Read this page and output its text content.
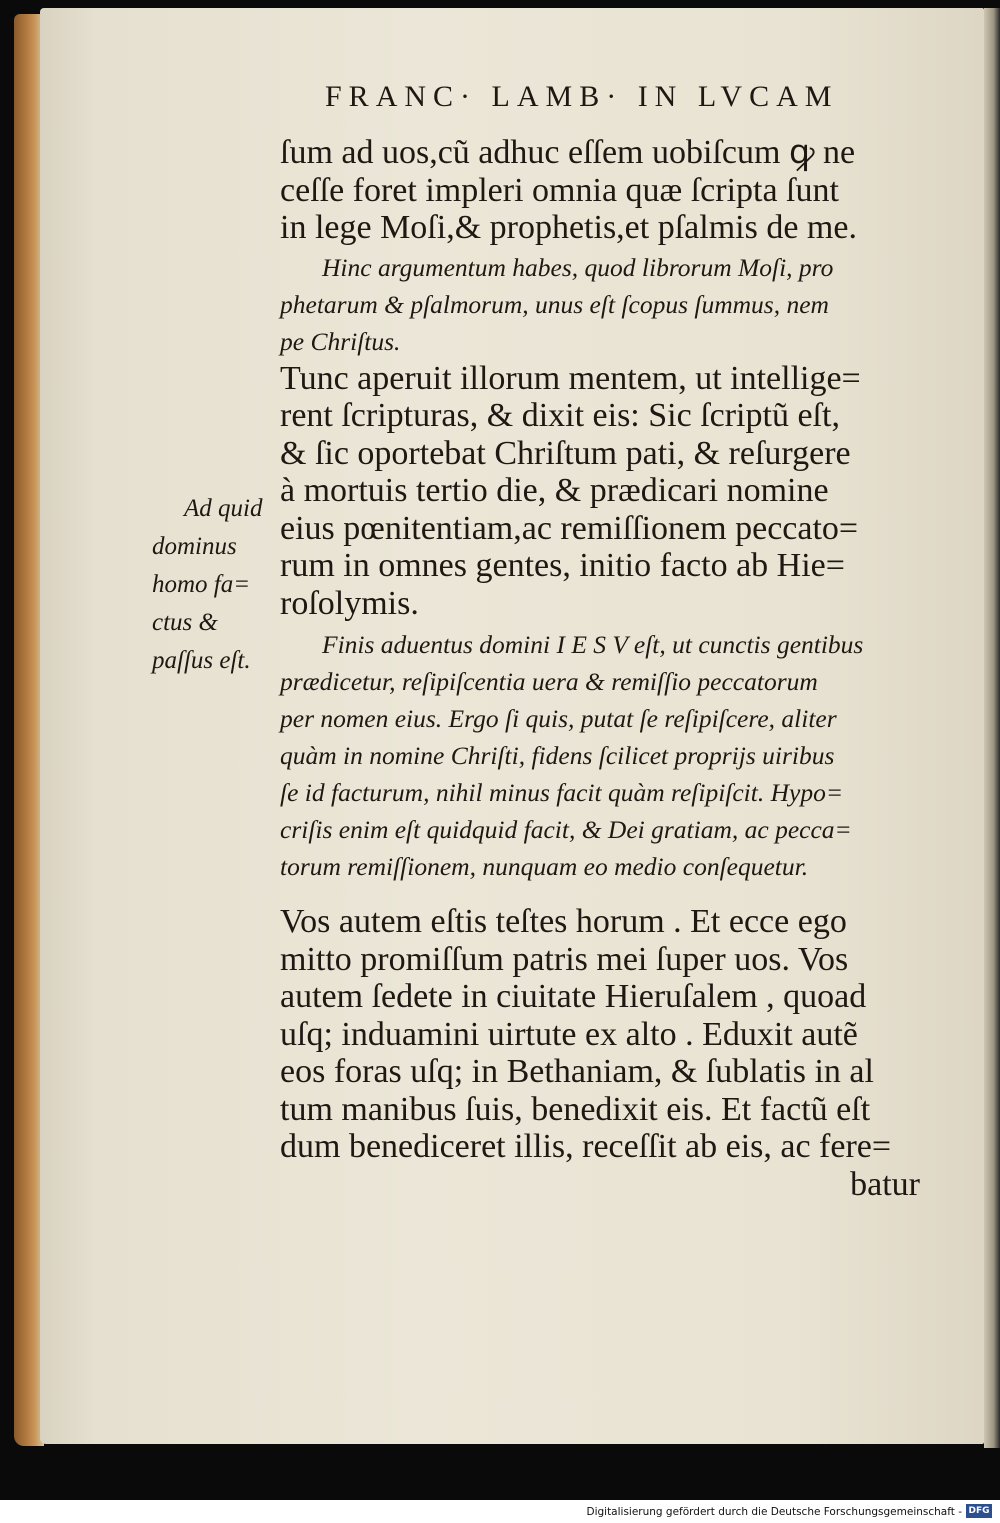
FRANC· LAMB· IN LVCAM

ſum ad uos,cũ adhuc eſſem uobiſcum ꝙ ne
ceſſe foret impleri omnia quæ ſcripta ſunt
in lege Moſi,& prophetis,et pſalmis de me.

Hinc argumentum habes, quod librorum Moſi, pro
phetarum & pſalmorum, unus eſt ſcopus ſummus, nem
pe Chriſtus.

Tunc aperuit illorum mentem, ut intellige=
rent ſcripturas, & dixit eis: Sic ſcriptũ eſt,
& ſic oportebat Chriſtum pati, & reſurgere
à mortuis tertio die, & prædicari nomine
eius pœnitentiam,ac remiſſionem peccato=
rum in omnes gentes, initio facto ab Hie=
roſolymis.

Finis aduentus domini I E S V eſt, ut cunctis gentibus
prædicetur, reſipiſcentia uera & remiſſio peccatorum
per nomen eius. Ergo ſi quis, putat ſe reſipiſcere, aliter
quàm in nomine Chriſti, fidens ſcilicet proprijs uiribus
ſe id facturum, nihil minus facit quàm reſipiſcit. Hypo=
criſis enim eſt quidquid facit, & Dei gratiam, ac pecca=
torum remiſſionem, nunquam eo medio conſequetur.

Vos autem eſtis teſtes horum . Et ecce ego
mitto promiſſum patris mei ſuper uos. Vos
autem ſedete in ciuitate Hieruſalem , quoad
uſq; induamini uirtute ex alto . Eduxit autẽ
eos foras uſq; in Bethaniam, & ſublatis in al
tum manibus ſuis, benedixit eis. Et factũ eſt
dum benediceret illis, receſſit ab eis, ac fere=
batur

Ad quid
dominus
homo fa=
ctus &
paſſus eſt.
Digitalisierung gefördert durch die Deutsche Forschungsgemeinschaft - DFG
